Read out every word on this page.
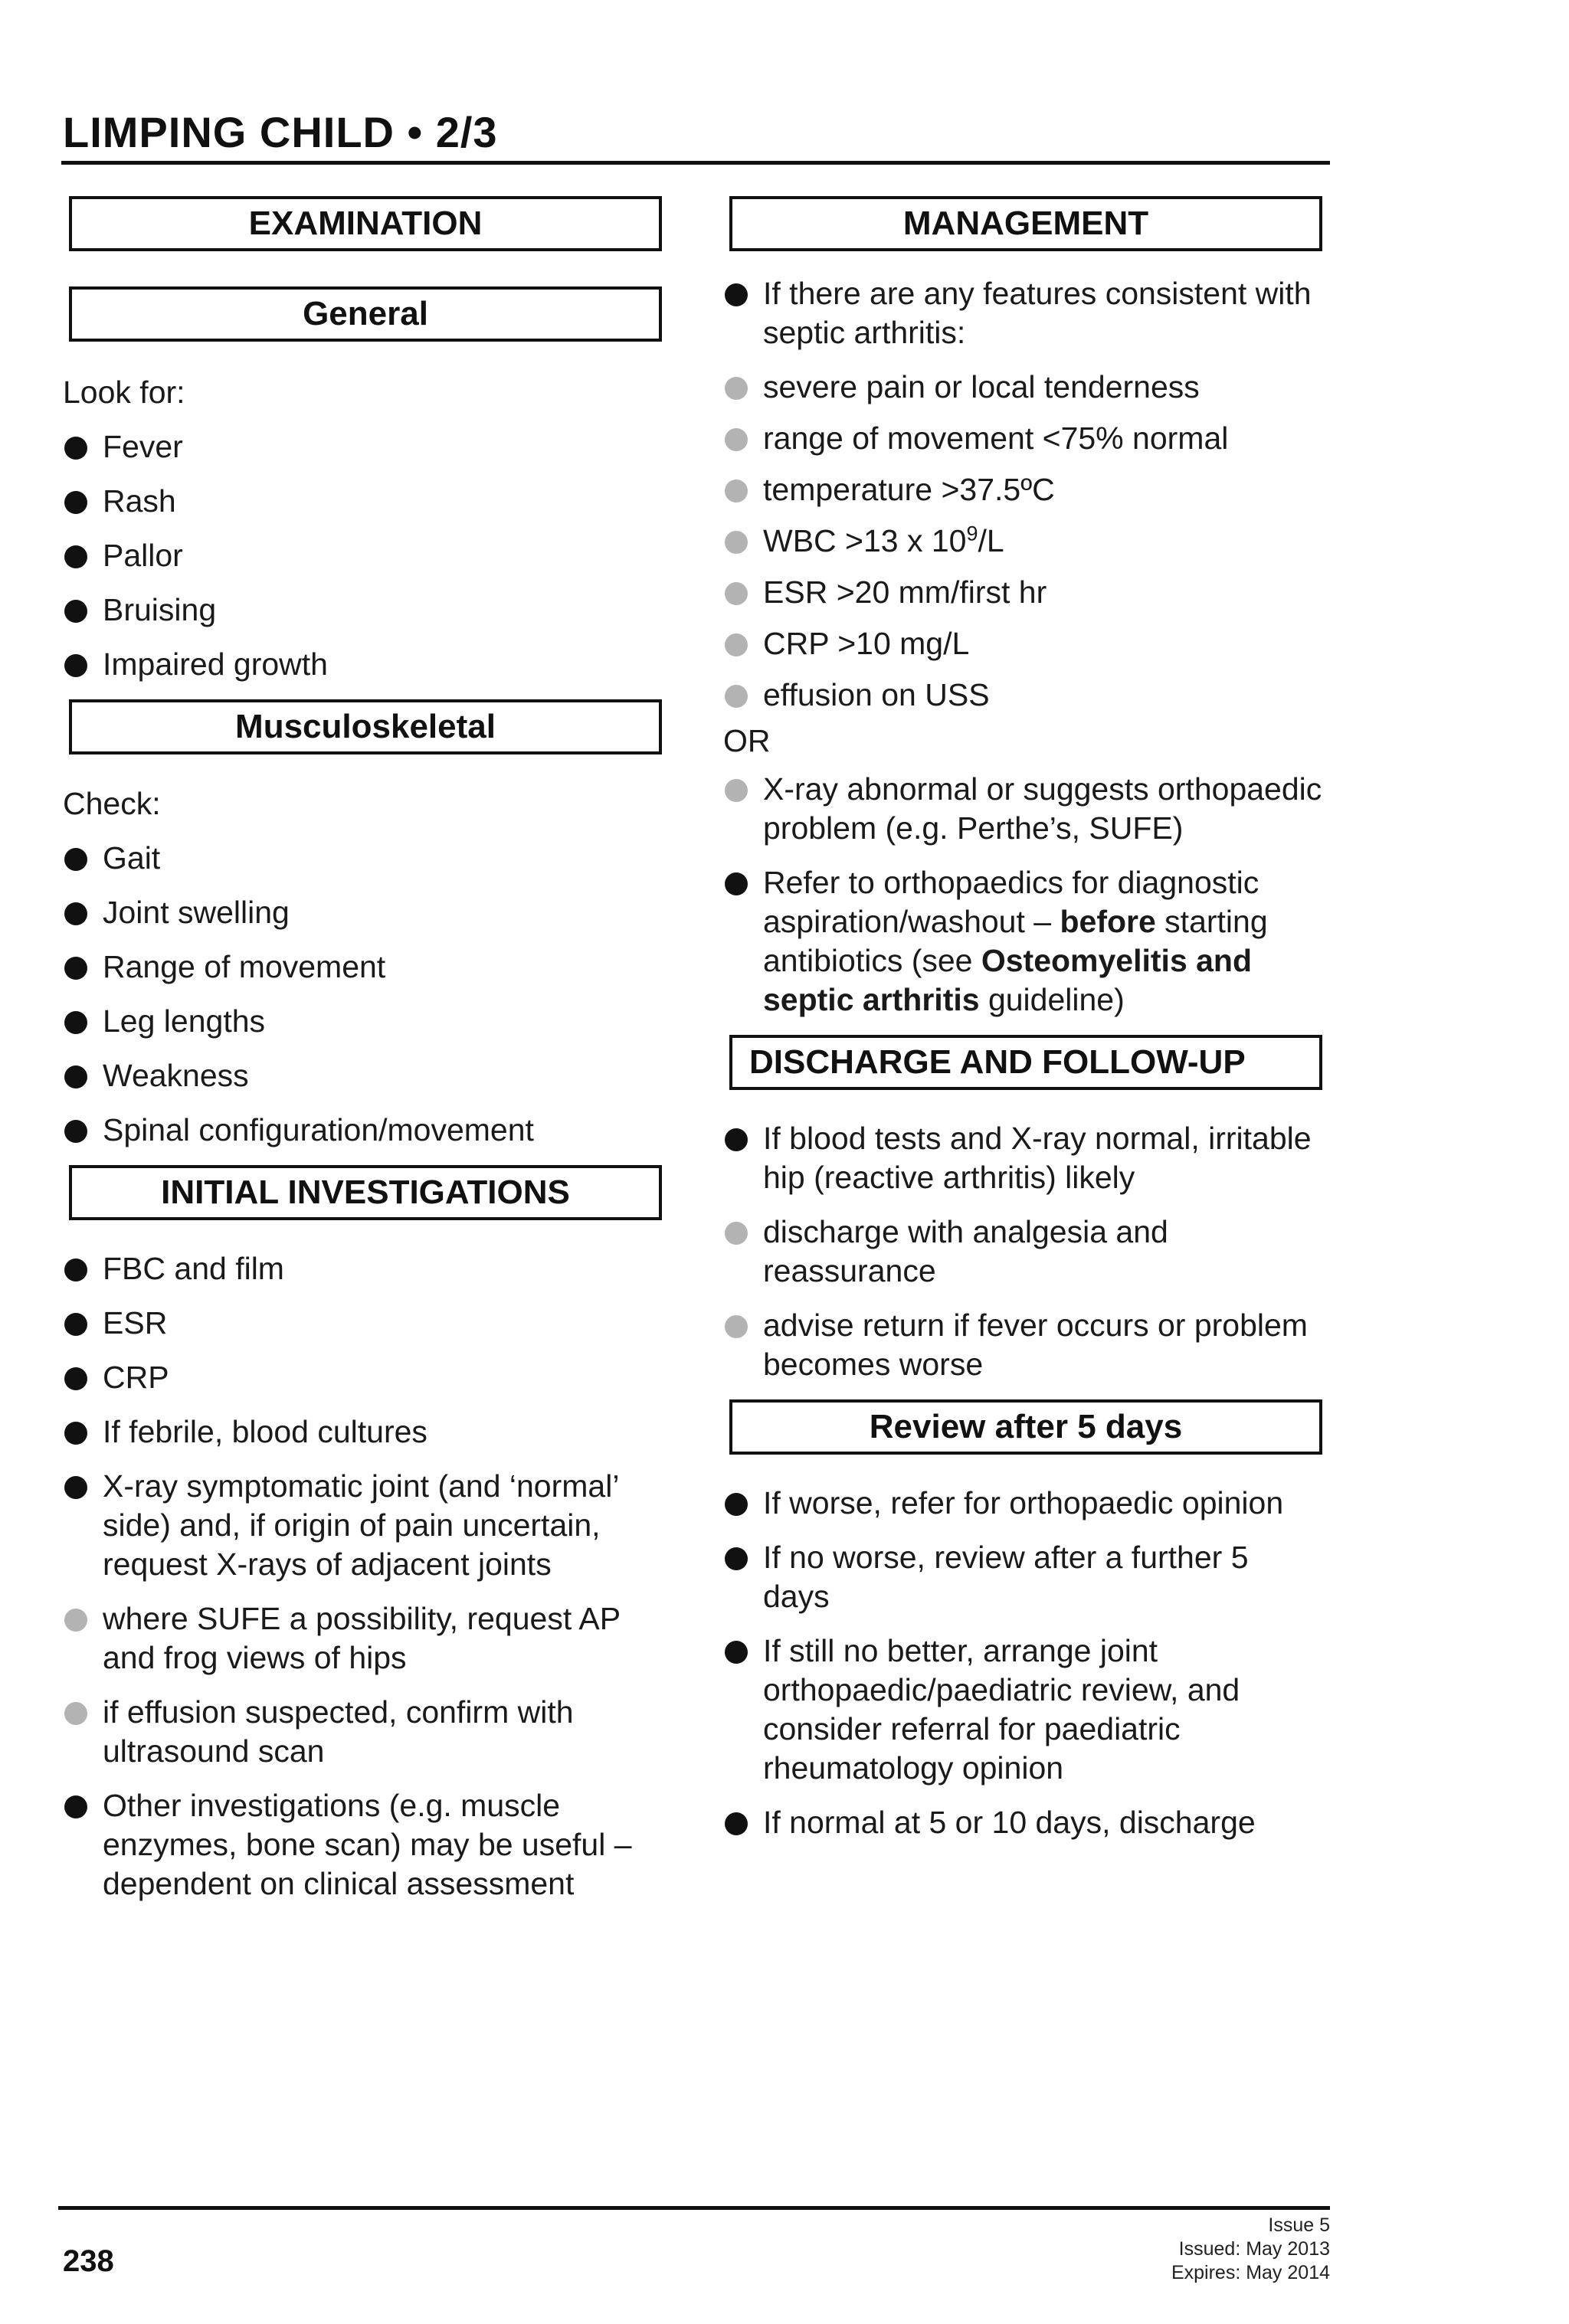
LIMPING CHILD • 2/3
EXAMINATION
General
Look for:
Fever
Rash
Pallor
Bruising
Impaired growth
Musculoskeletal
Check:
Gait
Joint swelling
Range of movement
Leg lengths
Weakness
Spinal configuration/movement
INITIAL INVESTIGATIONS
FBC and film
ESR
CRP
If febrile, blood cultures
X-ray symptomatic joint (and ‘normal’ side) and, if origin of pain uncertain, request X-rays of adjacent joints
where SUFE a possibility, request AP and frog views of hips
if effusion suspected, confirm with ultrasound scan
Other investigations (e.g. muscle enzymes, bone scan) may be useful – dependent on clinical assessment
MANAGEMENT
If there are any features consistent with septic arthritis:
severe pain or local tenderness
range of movement <75% normal
temperature >37.5ºC
WBC >13 x $10^9/L$
ESR >20 mm/first hr
CRP >10 mg/L
effusion on USS
OR
X-ray abnormal or suggests orthopaedic problem (e.g. Perthe’s, SUFE)
Refer to orthopaedics for diagnostic aspiration/washout – before starting antibiotics (see Osteomyelitis and septic arthritis guideline)
DISCHARGE AND FOLLOW-UP
If blood tests and X-ray normal, irritable hip (reactive arthritis) likely
discharge with analgesia and reassurance
advise return if fever occurs or problem becomes worse
Review after 5 days
If worse, refer for orthopaedic opinion
If no worse, review after a further 5 days
If still no better, arrange joint orthopaedic/paediatric review, and consider referral for paediatric rheumatology opinion
If normal at 5 or 10 days, discharge
238
Issue 5
Issued: May 2013
Expires: May 2014
